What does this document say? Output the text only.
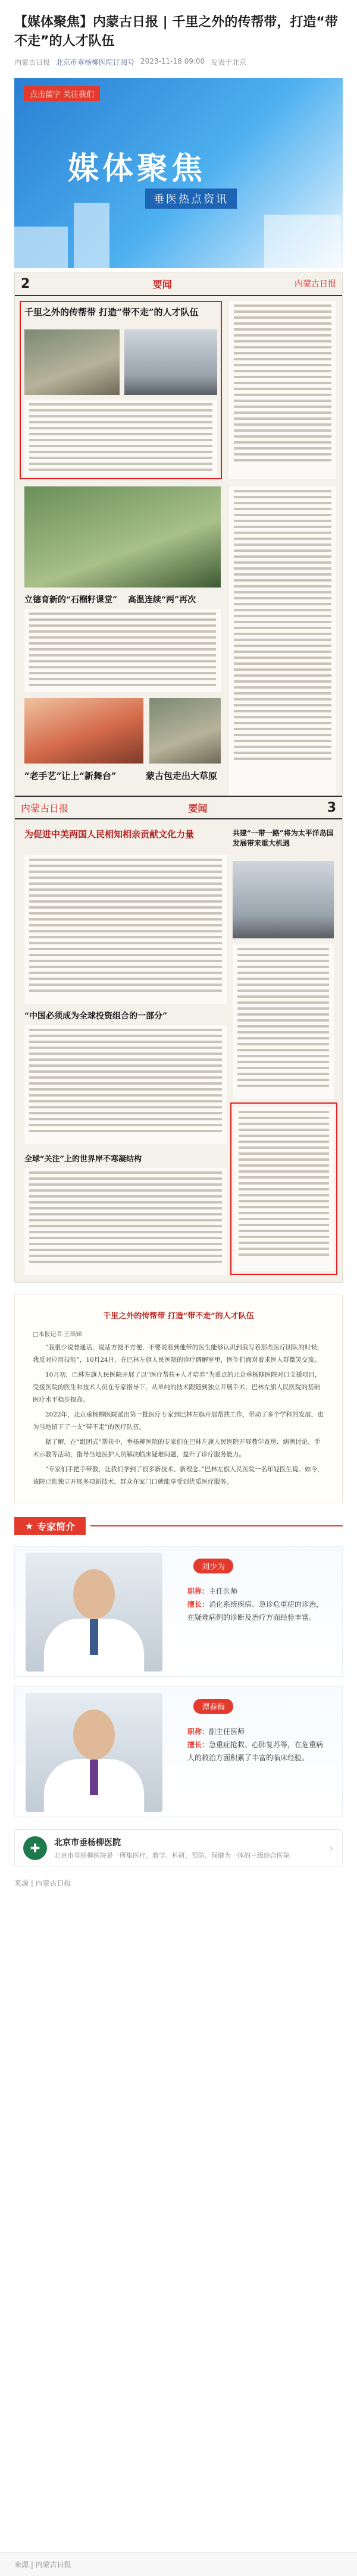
【媒体聚焦】内蒙古日报 | 千里之外的传帮带，打造“带不走”的人才队伍
内蒙古日报 北京市垂杨柳医院订阅号 2023-11-18 09:00 发表于北京
点击蓝字 关注我们
媒体聚焦
垂医热点资讯
2	要闻	内蒙古日报
千里之外的传帮带 打造“带不走”的人才队伍
立德育新的“石榴籽课堂” 高温连续“两”再次
“老手艺”让上“新舞台”	蒙古包走出大草原
内蒙古日报	要闻	3
为促进中美两国人民相知相亲贡献文化力量
“中国必须成为全球投资组合的一部分”
全球“关注”上的世界岸不寒凝结构
共建“一带一路”将为太平洋岛国发展带来重大机遇
千里之外的传帮带 打造“带不走”的人才队伍
□本报记者 王瑶娣

“我很少说普通话，说话方便不方便，不要说看到他带的医生能够认识到我写着那些医疗团队的时候，我反对应用技能”，10月24日，在巴林左旗人民医院的诊疗调解室里，医生们面对着求医人群微笑交流。

10月初，巴林左旗人民医院开展了以“医疗帮扶+人才培养”为重点的北京垂杨柳医院对口支援项目，受援医院的医生和技术人员在专家指导下，从单纯的技术跟随到独立开展手术，巴林左旗人民医院的基础医疗水平稳步提高。

2022年，北京垂杨柳医院派出第一批医疗专家到巴林左旗开展帮扶工作，带动了多个学科的发展，也为当地留下了一支“带不走”的医疗队伍。

据了解，在“组团式”帮扶中，垂杨柳医院的专家们在巴林左旗人民医院开展教学查房、病例讨论、手术示教等活动，指导当地医护人员解决临床疑难问题，提升了诊疗服务能力。

“专家们手把手带教，让我们学到了很多新技术、新理念。”巴林左旗人民医院一名年轻医生说。如今，该院已能独立开展多项新技术，群众在家门口就能享受到优质医疗服务。

★ 专家简介
刘少为
职称：主任医师
擅长：消化系统疾病、急诊危重症的诊治，在疑难病例的诊断及治疗方面经验丰富。
谭春梅
职称：副主任医师
擅长：急重症抢救、心肺复苏等，在危重病人的救治方面积累了丰富的临床经验。
✚	北京市垂杨柳医院
北京市垂杨柳医院是一所集医疗、教学、科研、预防、保健为一体的三级综合医院
›
来源 | 内蒙古日报
来源 | 内蒙古日报
